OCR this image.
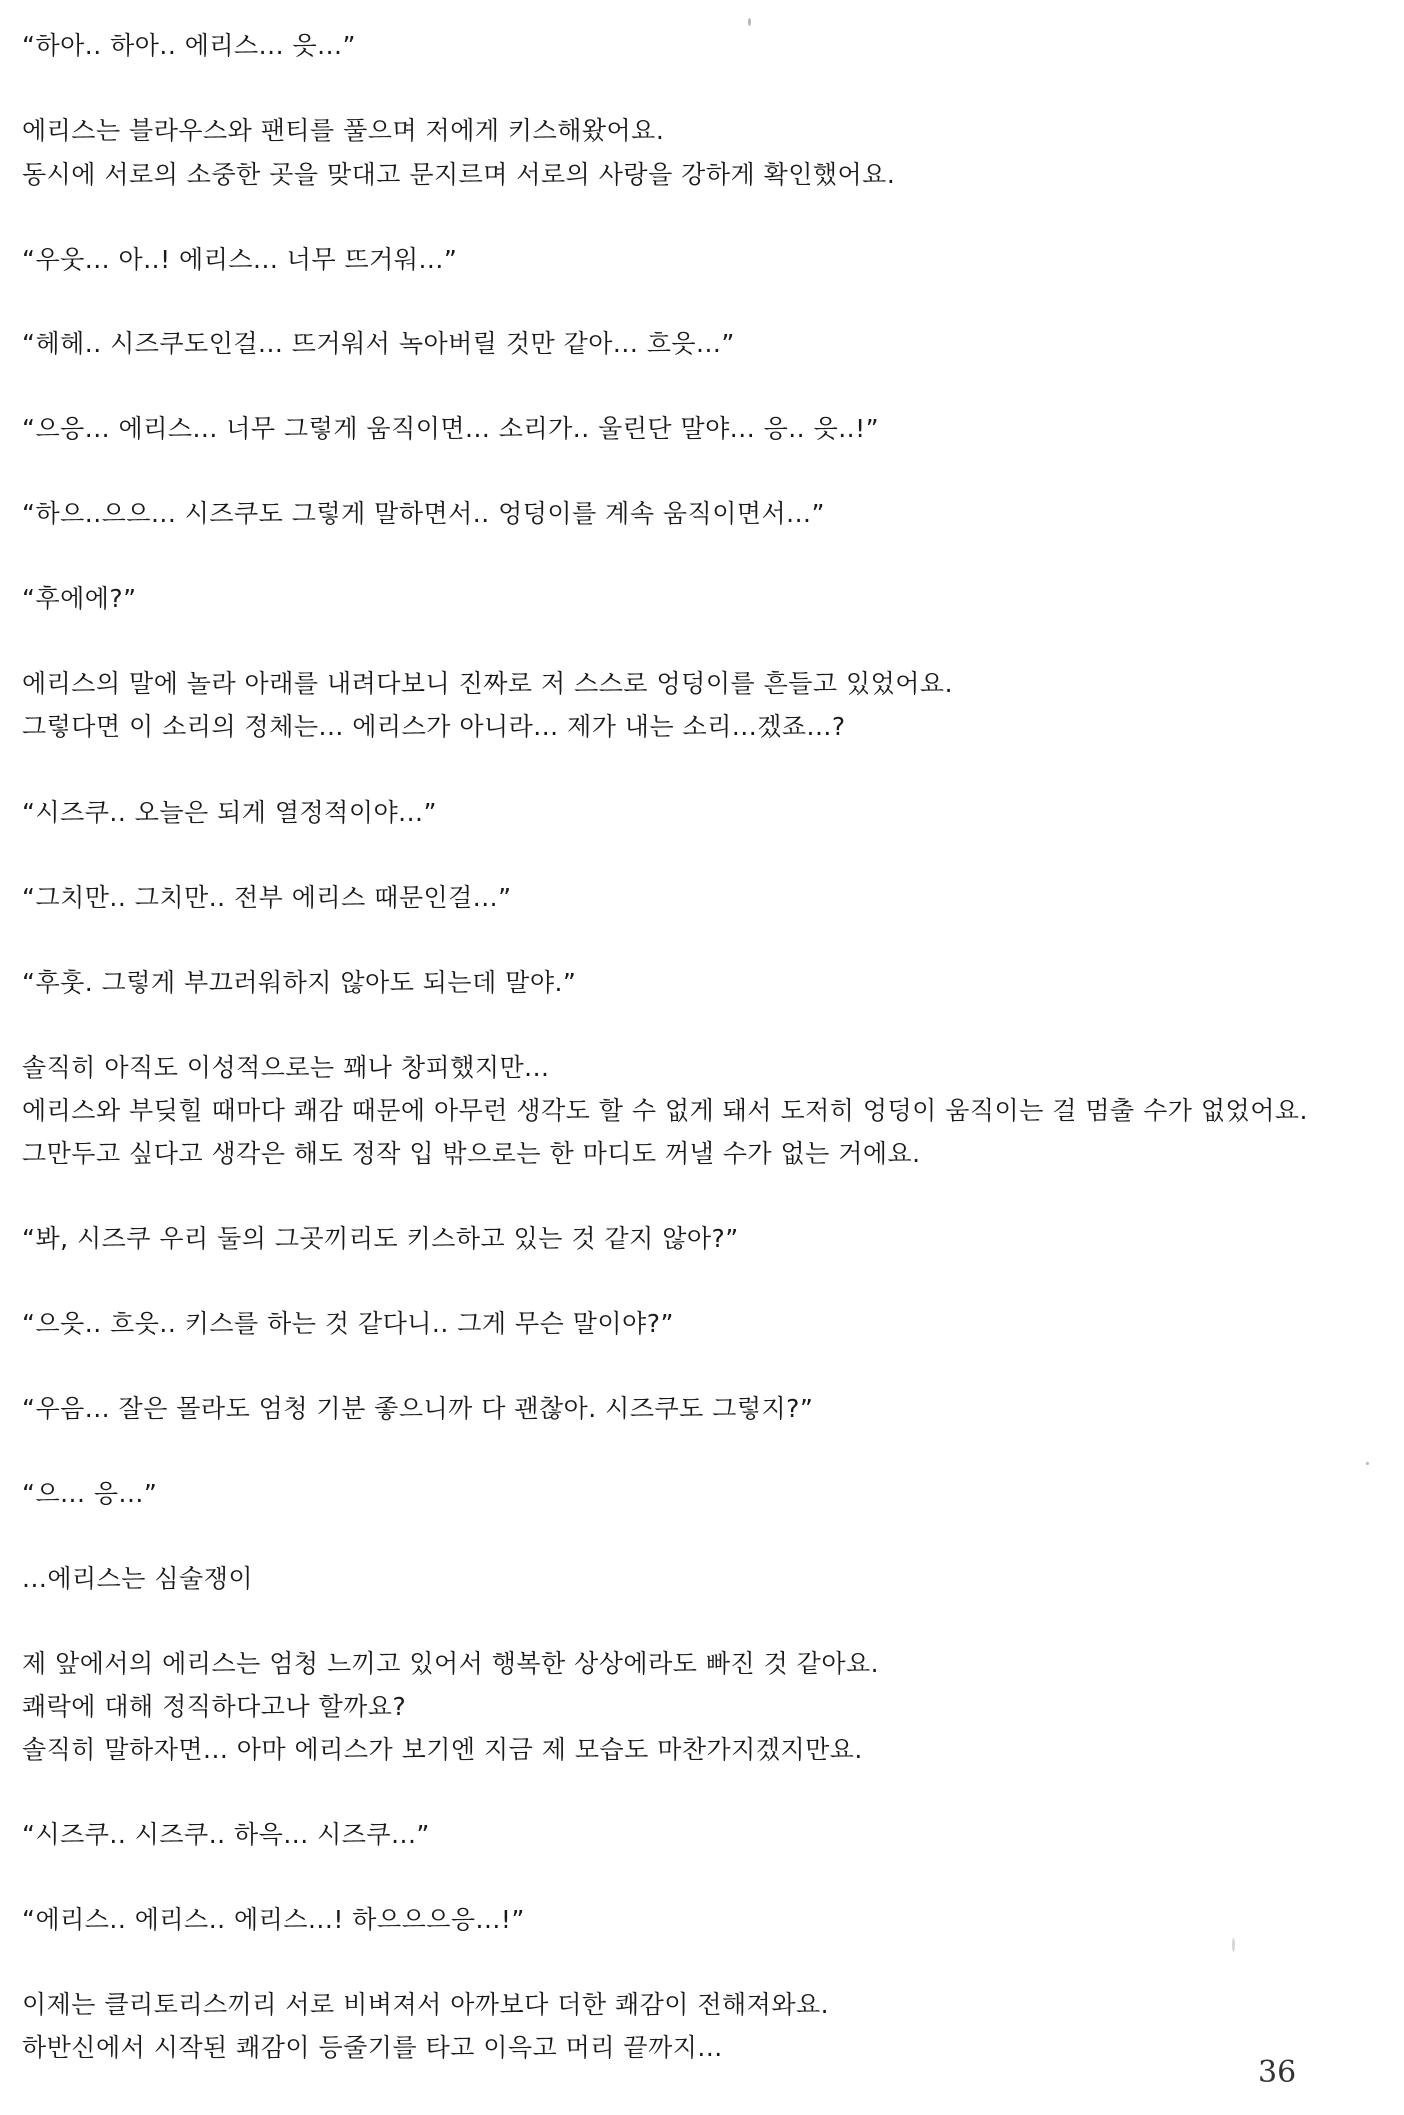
“하아.. 하아.. 에리스... 읏...”
에리스는 블라우스와 팬티를 풀으며 저에게 키스해왔어요.
동시에 서로의 소중한 곳을 맞대고 문지르며 서로의 사랑을 강하게 확인했어요.
“우웃... 아..! 에리스... 너무 뜨거워...”
“헤헤.. 시즈쿠도인걸... 뜨거워서 녹아버릴 것만 같아... 흐읏...”
“으응... 에리스... 너무 그렇게 움직이면... 소리가.. 울린단 말야... 응.. 읏..!”
“하으..으으... 시즈쿠도 그렇게 말하면서.. 엉덩이를 계속 움직이면서...”
“후에에?”
에리스의 말에 놀라 아래를 내려다보니 진짜로 저 스스로 엉덩이를 흔들고 있었어요.
그렇다면 이 소리의 정체는... 에리스가 아니라... 제가 내는 소리...겠죠...?
“시즈쿠.. 오늘은 되게 열정적이야...”
“그치만.. 그치만.. 전부 에리스 때문인걸...”
“후훗. 그렇게 부끄러워하지 않아도 되는데 말야.”
솔직히 아직도 이성적으로는 꽤나 창피했지만...
에리스와 부딪힐 때마다 쾌감 때문에 아무런 생각도 할 수 없게 돼서 도저히 엉덩이 움직이는 걸 멈출 수가 없었어요.
그만두고 싶다고 생각은 해도 정작 입 밖으로는 한 마디도 꺼낼 수가 없는 거에요.
“봐, 시즈쿠 우리 둘의 그곳끼리도 키스하고 있는 것 같지 않아?”
“으읏.. 흐읏.. 키스를 하는 것 같다니.. 그게 무슨 말이야?”
“우음... 잘은 몰라도 엄청 기분 좋으니까 다 괜찮아. 시즈쿠도 그렇지?”
“으... 응...”
...에리스는 심술쟁이
제 앞에서의 에리스는 엄청 느끼고 있어서 행복한 상상에라도 빠진 것 같아요.
쾌락에 대해 정직하다고나 할까요?
솔직히 말하자면... 아마 에리스가 보기엔 지금 제 모습도 마찬가지겠지만요.
“시즈쿠.. 시즈쿠.. 하윽... 시즈쿠...”
“에리스.. 에리스.. 에리스...! 하으으으응...!”
이제는 클리토리스끼리 서로 비벼져서 아까보다 더한 쾌감이 전해져와요.
하반신에서 시작된 쾌감이 등줄기를 타고 이윽고 머리 끝까지...
36
